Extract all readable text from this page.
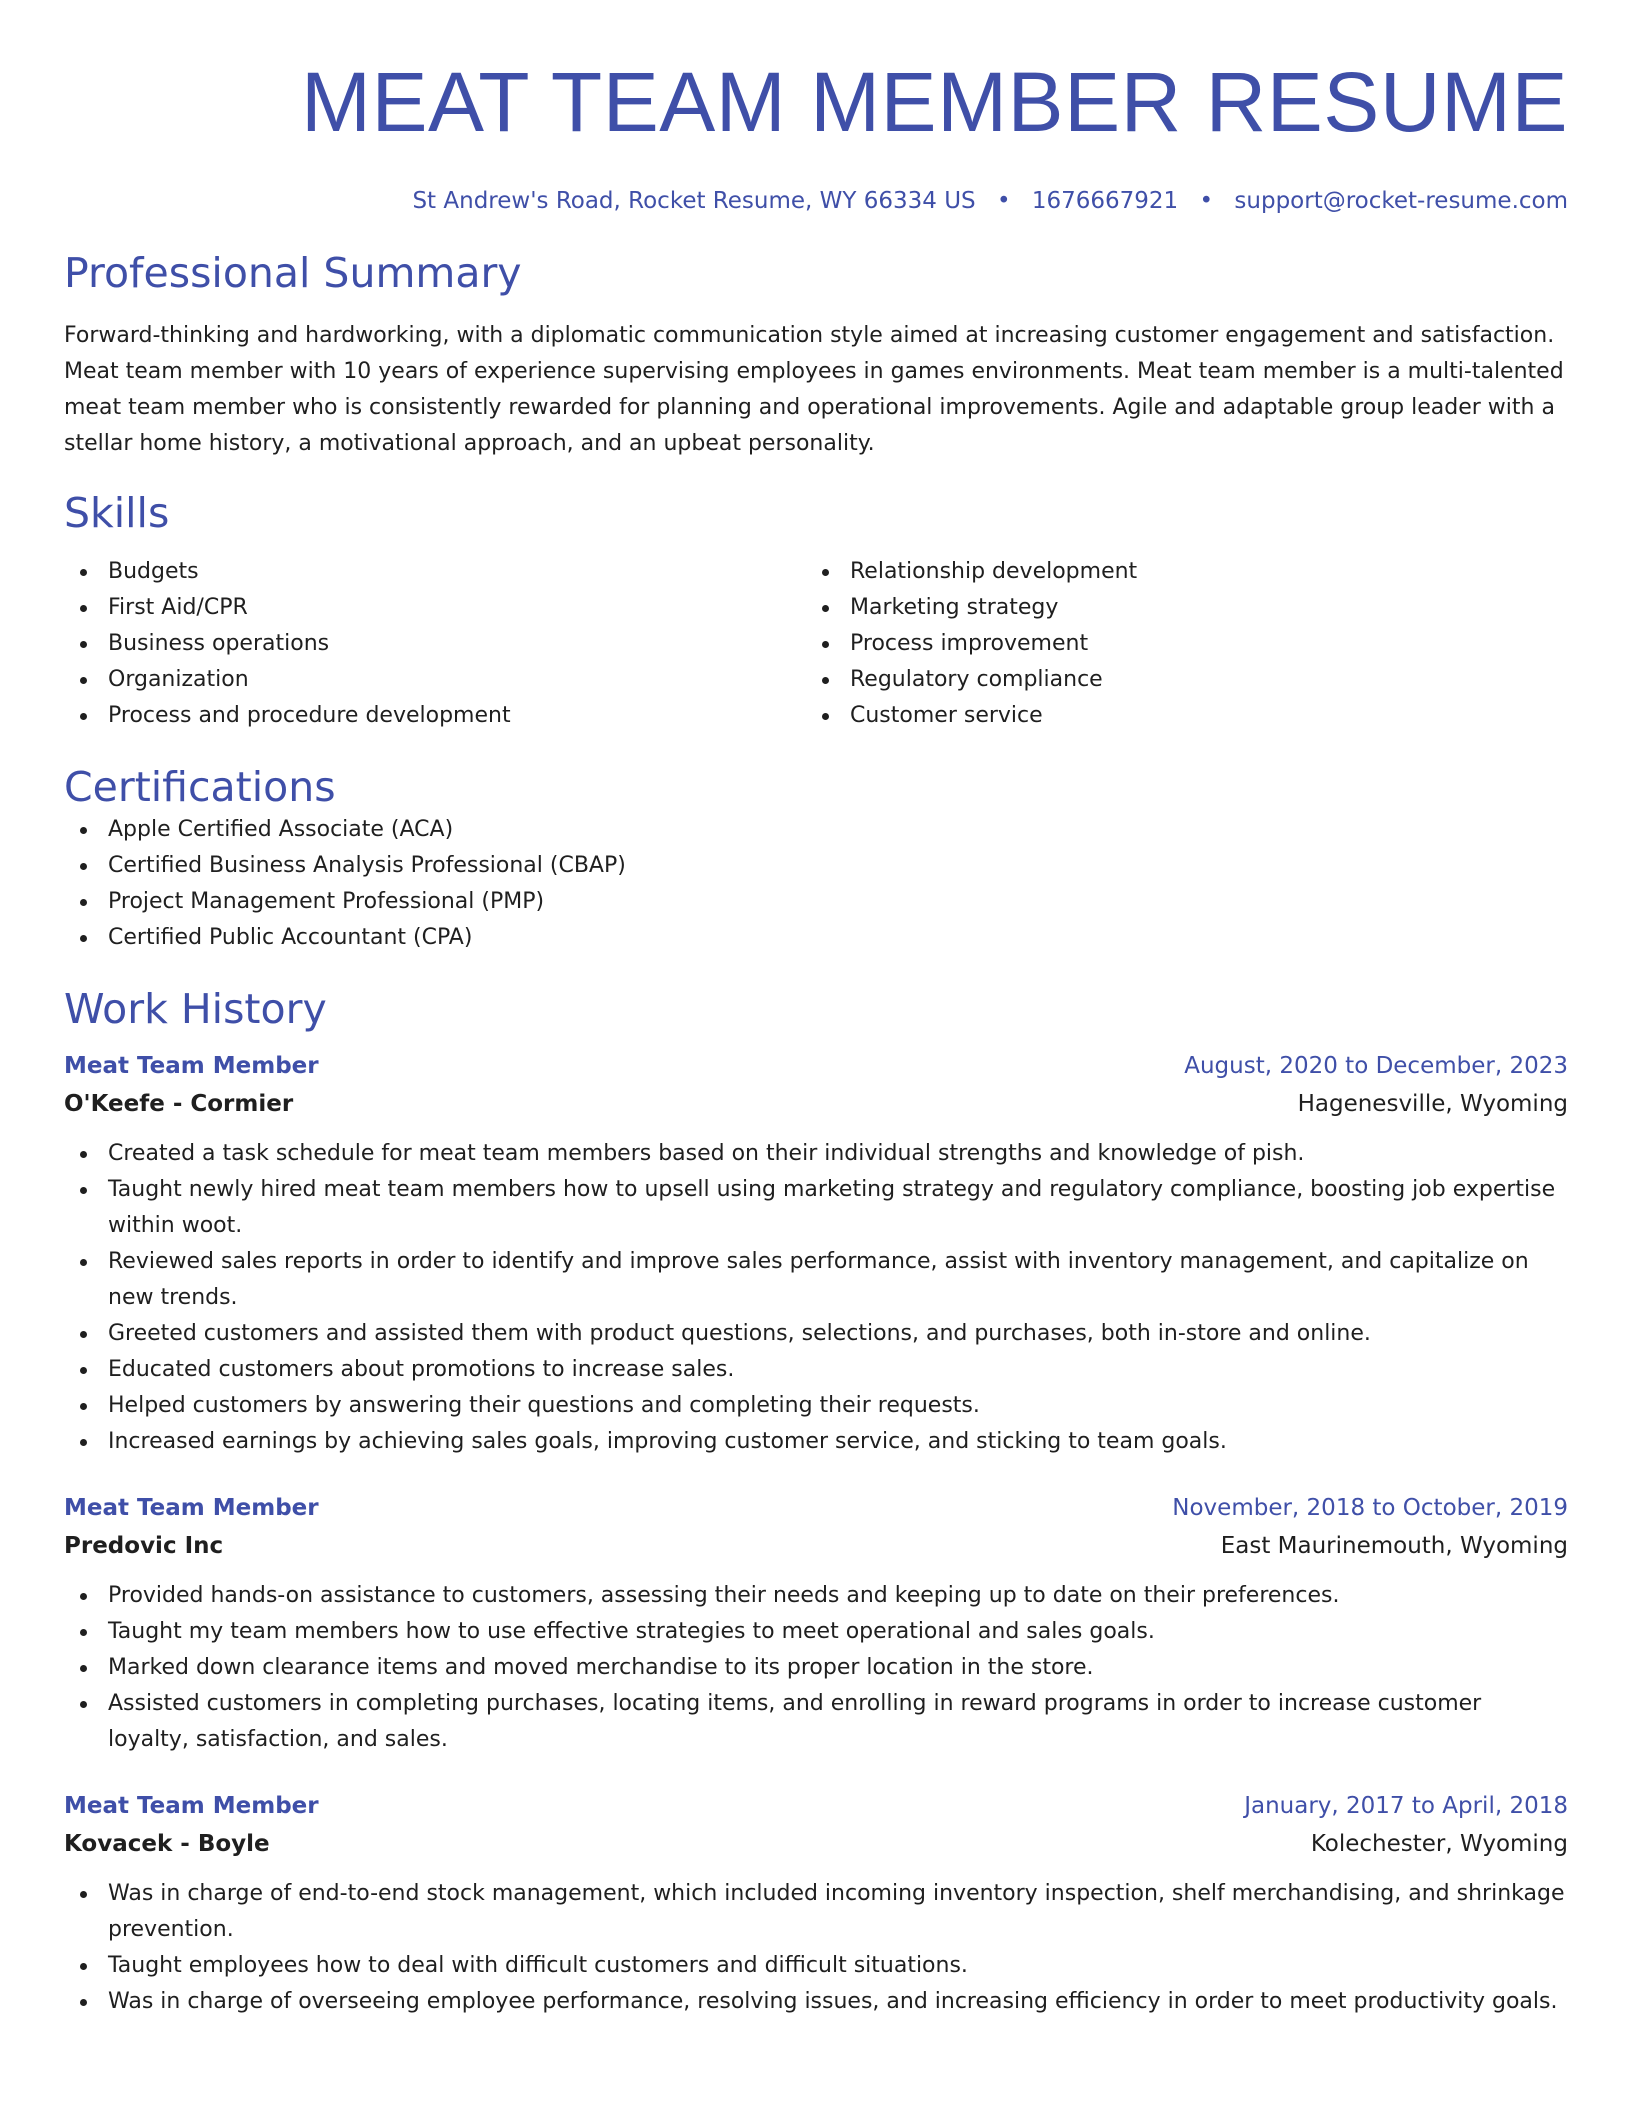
MEAT TEAM MEMBER RESUME
St Andrew's Road, Rocket Resume, WY 66334 US • 1676667921 • support@rocket-resume.com
Professional Summary

Forward-thinking and hardworking, with a diplomatic communication style aimed at increasing customer engagement and satisfaction. Meat team member with 10 years of experience supervising employees in games environments. Meat team member is a multi-talented meat team member who is consistently rewarded for planning and operational improvements. Agile and adaptable group leader with a stellar home history, a motivational approach, and an upbeat personality.

Skills
Budgets
First Aid/CPR
Business operations
Organization
Process and procedure development
Relationship development
Marketing strategy
Process improvement
Regulatory compliance
Customer service
Certifications
Apple Certified Associate (ACA)
Certified Business Analysis Professional (CBAP)
Project Management Professional (PMP)
Certified Public Accountant (CPA)
Work History
Meat Team Member	August, 2020 to December, 2023
O'Keefe - Cormier	Hagenesville, Wyoming
Created a task schedule for meat team members based on their individual strengths and knowledge of pish.
Taught newly hired meat team members how to upsell using marketing strategy and regulatory compliance, boosting job expertise within woot.
Reviewed sales reports in order to identify and improve sales performance, assist with inventory management, and capitalize on new trends.
Greeted customers and assisted them with product questions, selections, and purchases, both in-store and online.
Educated customers about promotions to increase sales.
Helped customers by answering their questions and completing their requests.
Increased earnings by achieving sales goals, improving customer service, and sticking to team goals.
Meat Team Member	November, 2018 to October, 2019
Predovic Inc	East Maurinemouth, Wyoming
Provided hands-on assistance to customers, assessing their needs and keeping up to date on their preferences.
Taught my team members how to use effective strategies to meet operational and sales goals.
Marked down clearance items and moved merchandise to its proper location in the store.
Assisted customers in completing purchases, locating items, and enrolling in reward programs in order to increase customer loyalty, satisfaction, and sales.
Meat Team Member	January, 2017 to April, 2018
Kovacek - Boyle	Kolechester, Wyoming
Was in charge of end-to-end stock management, which included incoming inventory inspection, shelf merchandising, and shrinkage prevention.
Taught employees how to deal with difficult customers and difficult situations.
Was in charge of overseeing employee performance, resolving issues, and increasing efficiency in order to meet productivity goals.
